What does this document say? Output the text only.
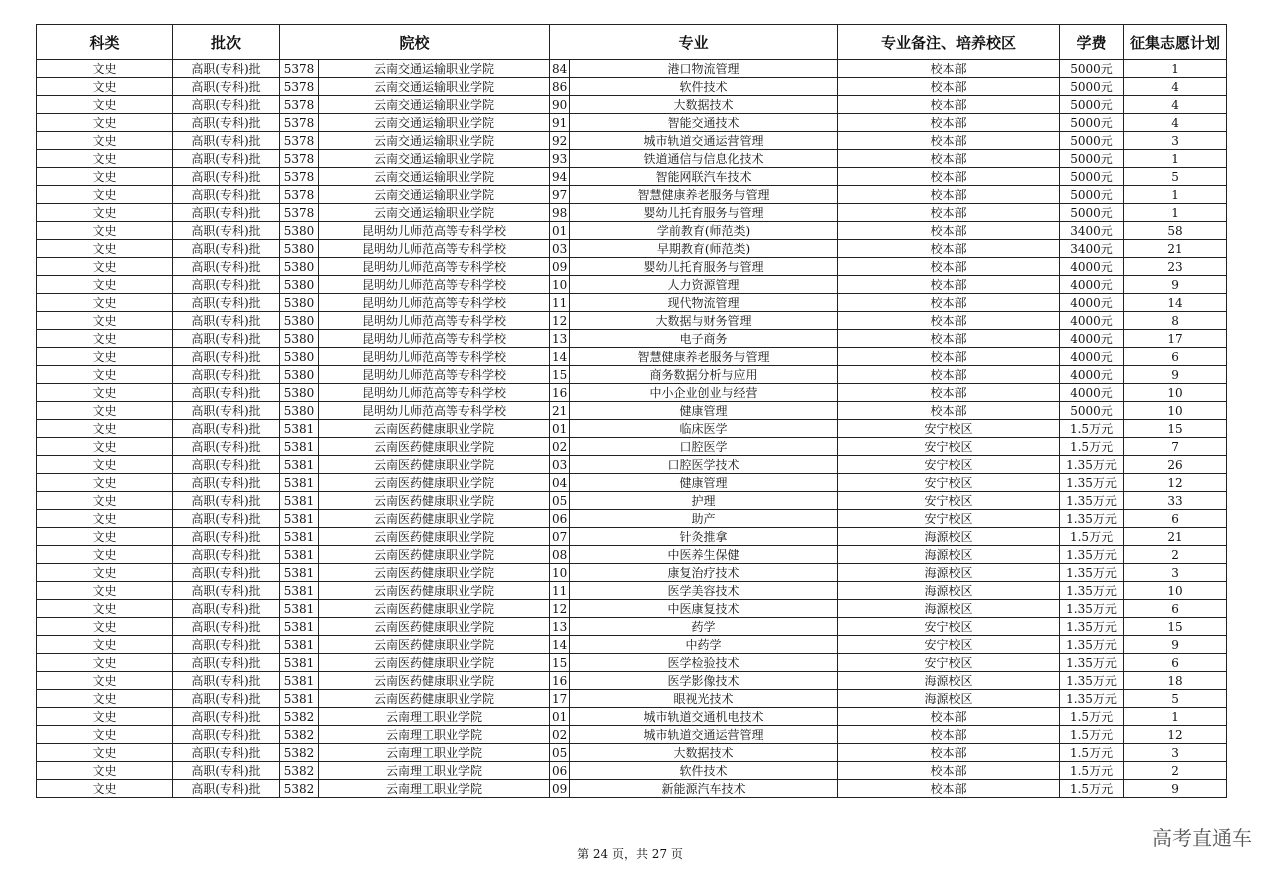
科类	批次	院校		专业		专业备注、培养校区	学费	征集志愿计划
文史	高职(专科)批	5378	云南交通运输职业学院	84	港口物流管理	校本部	5000元	1
文史	高职(专科)批	5378	云南交通运输职业学院	86	软件技术	校本部	5000元	4
文史	高职(专科)批	5378	云南交通运输职业学院	90	大数据技术	校本部	5000元	4
文史	高职(专科)批	5378	云南交通运输职业学院	91	智能交通技术	校本部	5000元	4
文史	高职(专科)批	5378	云南交通运输职业学院	92	城市轨道交通运营管理	校本部	5000元	3
文史	高职(专科)批	5378	云南交通运输职业学院	93	铁道通信与信息化技术	校本部	5000元	1
文史	高职(专科)批	5378	云南交通运输职业学院	94	智能网联汽车技术	校本部	5000元	5
文史	高职(专科)批	5378	云南交通运输职业学院	97	智慧健康养老服务与管理	校本部	5000元	1
文史	高职(专科)批	5378	云南交通运输职业学院	98	婴幼儿托育服务与管理	校本部	5000元	1
文史	高职(专科)批	5380	昆明幼儿师范高等专科学校	01	学前教育(师范类)	校本部	3400元	58
文史	高职(专科)批	5380	昆明幼儿师范高等专科学校	03	早期教育(师范类)	校本部	3400元	21
文史	高职(专科)批	5380	昆明幼儿师范高等专科学校	09	婴幼儿托育服务与管理	校本部	4000元	23
文史	高职(专科)批	5380	昆明幼儿师范高等专科学校	10	人力资源管理	校本部	4000元	9
文史	高职(专科)批	5380	昆明幼儿师范高等专科学校	11	现代物流管理	校本部	4000元	14
文史	高职(专科)批	5380	昆明幼儿师范高等专科学校	12	大数据与财务管理	校本部	4000元	8
文史	高职(专科)批	5380	昆明幼儿师范高等专科学校	13	电子商务	校本部	4000元	17
文史	高职(专科)批	5380	昆明幼儿师范高等专科学校	14	智慧健康养老服务与管理	校本部	4000元	6
文史	高职(专科)批	5380	昆明幼儿师范高等专科学校	15	商务数据分析与应用	校本部	4000元	9
文史	高职(专科)批	5380	昆明幼儿师范高等专科学校	16	中小企业创业与经营	校本部	4000元	10
文史	高职(专科)批	5380	昆明幼儿师范高等专科学校	21	健康管理	校本部	5000元	10
文史	高职(专科)批	5381	云南医药健康职业学院	01	临床医学	安宁校区	1.5万元	15
文史	高职(专科)批	5381	云南医药健康职业学院	02	口腔医学	安宁校区	1.5万元	7
文史	高职(专科)批	5381	云南医药健康职业学院	03	口腔医学技术	安宁校区	1.35万元	26
文史	高职(专科)批	5381	云南医药健康职业学院	04	健康管理	安宁校区	1.35万元	12
文史	高职(专科)批	5381	云南医药健康职业学院	05	护理	安宁校区	1.35万元	33
文史	高职(专科)批	5381	云南医药健康职业学院	06	助产	安宁校区	1.35万元	6
文史	高职(专科)批	5381	云南医药健康职业学院	07	针灸推拿	海源校区	1.5万元	21
文史	高职(专科)批	5381	云南医药健康职业学院	08	中医养生保健	海源校区	1.35万元	2
文史	高职(专科)批	5381	云南医药健康职业学院	10	康复治疗技术	海源校区	1.35万元	3
文史	高职(专科)批	5381	云南医药健康职业学院	11	医学美容技术	海源校区	1.35万元	10
文史	高职(专科)批	5381	云南医药健康职业学院	12	中医康复技术	海源校区	1.35万元	6
文史	高职(专科)批	5381	云南医药健康职业学院	13	药学	安宁校区	1.35万元	15
文史	高职(专科)批	5381	云南医药健康职业学院	14	中药学	安宁校区	1.35万元	9
文史	高职(专科)批	5381	云南医药健康职业学院	15	医学检验技术	安宁校区	1.35万元	6
文史	高职(专科)批	5381	云南医药健康职业学院	16	医学影像技术	海源校区	1.35万元	18
文史	高职(专科)批	5381	云南医药健康职业学院	17	眼视光技术	海源校区	1.35万元	5
文史	高职(专科)批	5382	云南理工职业学院	01	城市轨道交通机电技术	校本部	1.5万元	1
文史	高职(专科)批	5382	云南理工职业学院	02	城市轨道交通运营管理	校本部	1.5万元	12
文史	高职(专科)批	5382	云南理工职业学院	05	大数据技术	校本部	1.5万元	3
文史	高职(专科)批	5382	云南理工职业学院	06	软件技术	校本部	1.5万元	2
文史	高职(专科)批	5382	云南理工职业学院	09	新能源汽车技术	校本部	1.5万元	9
第 24 页，共 27 页
高考直通车
